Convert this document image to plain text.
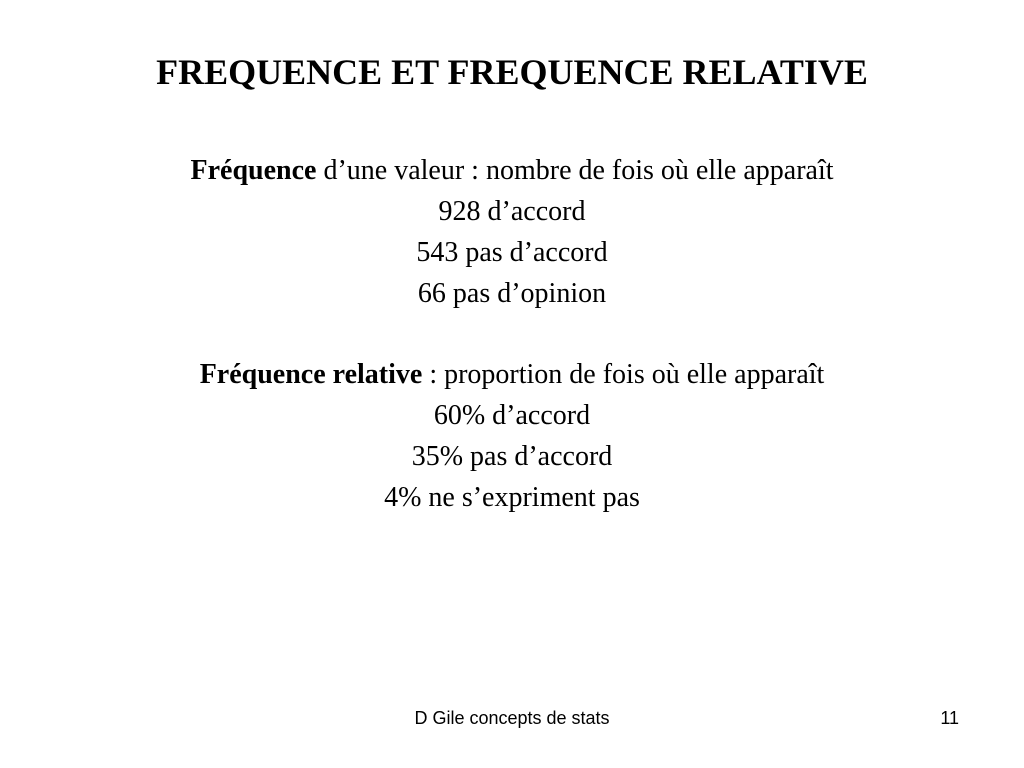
FREQUENCE ET FREQUENCE RELATIVE
Fréquence d’une valeur : nombre de fois où elle apparaît
928 d’accord
543 pas d’accord
66 pas d’opinion
Fréquence relative : proportion de fois où elle apparaît
60% d’accord
35% pas d’accord
4% ne s’expriment pas
D Gile concepts de stats	11
